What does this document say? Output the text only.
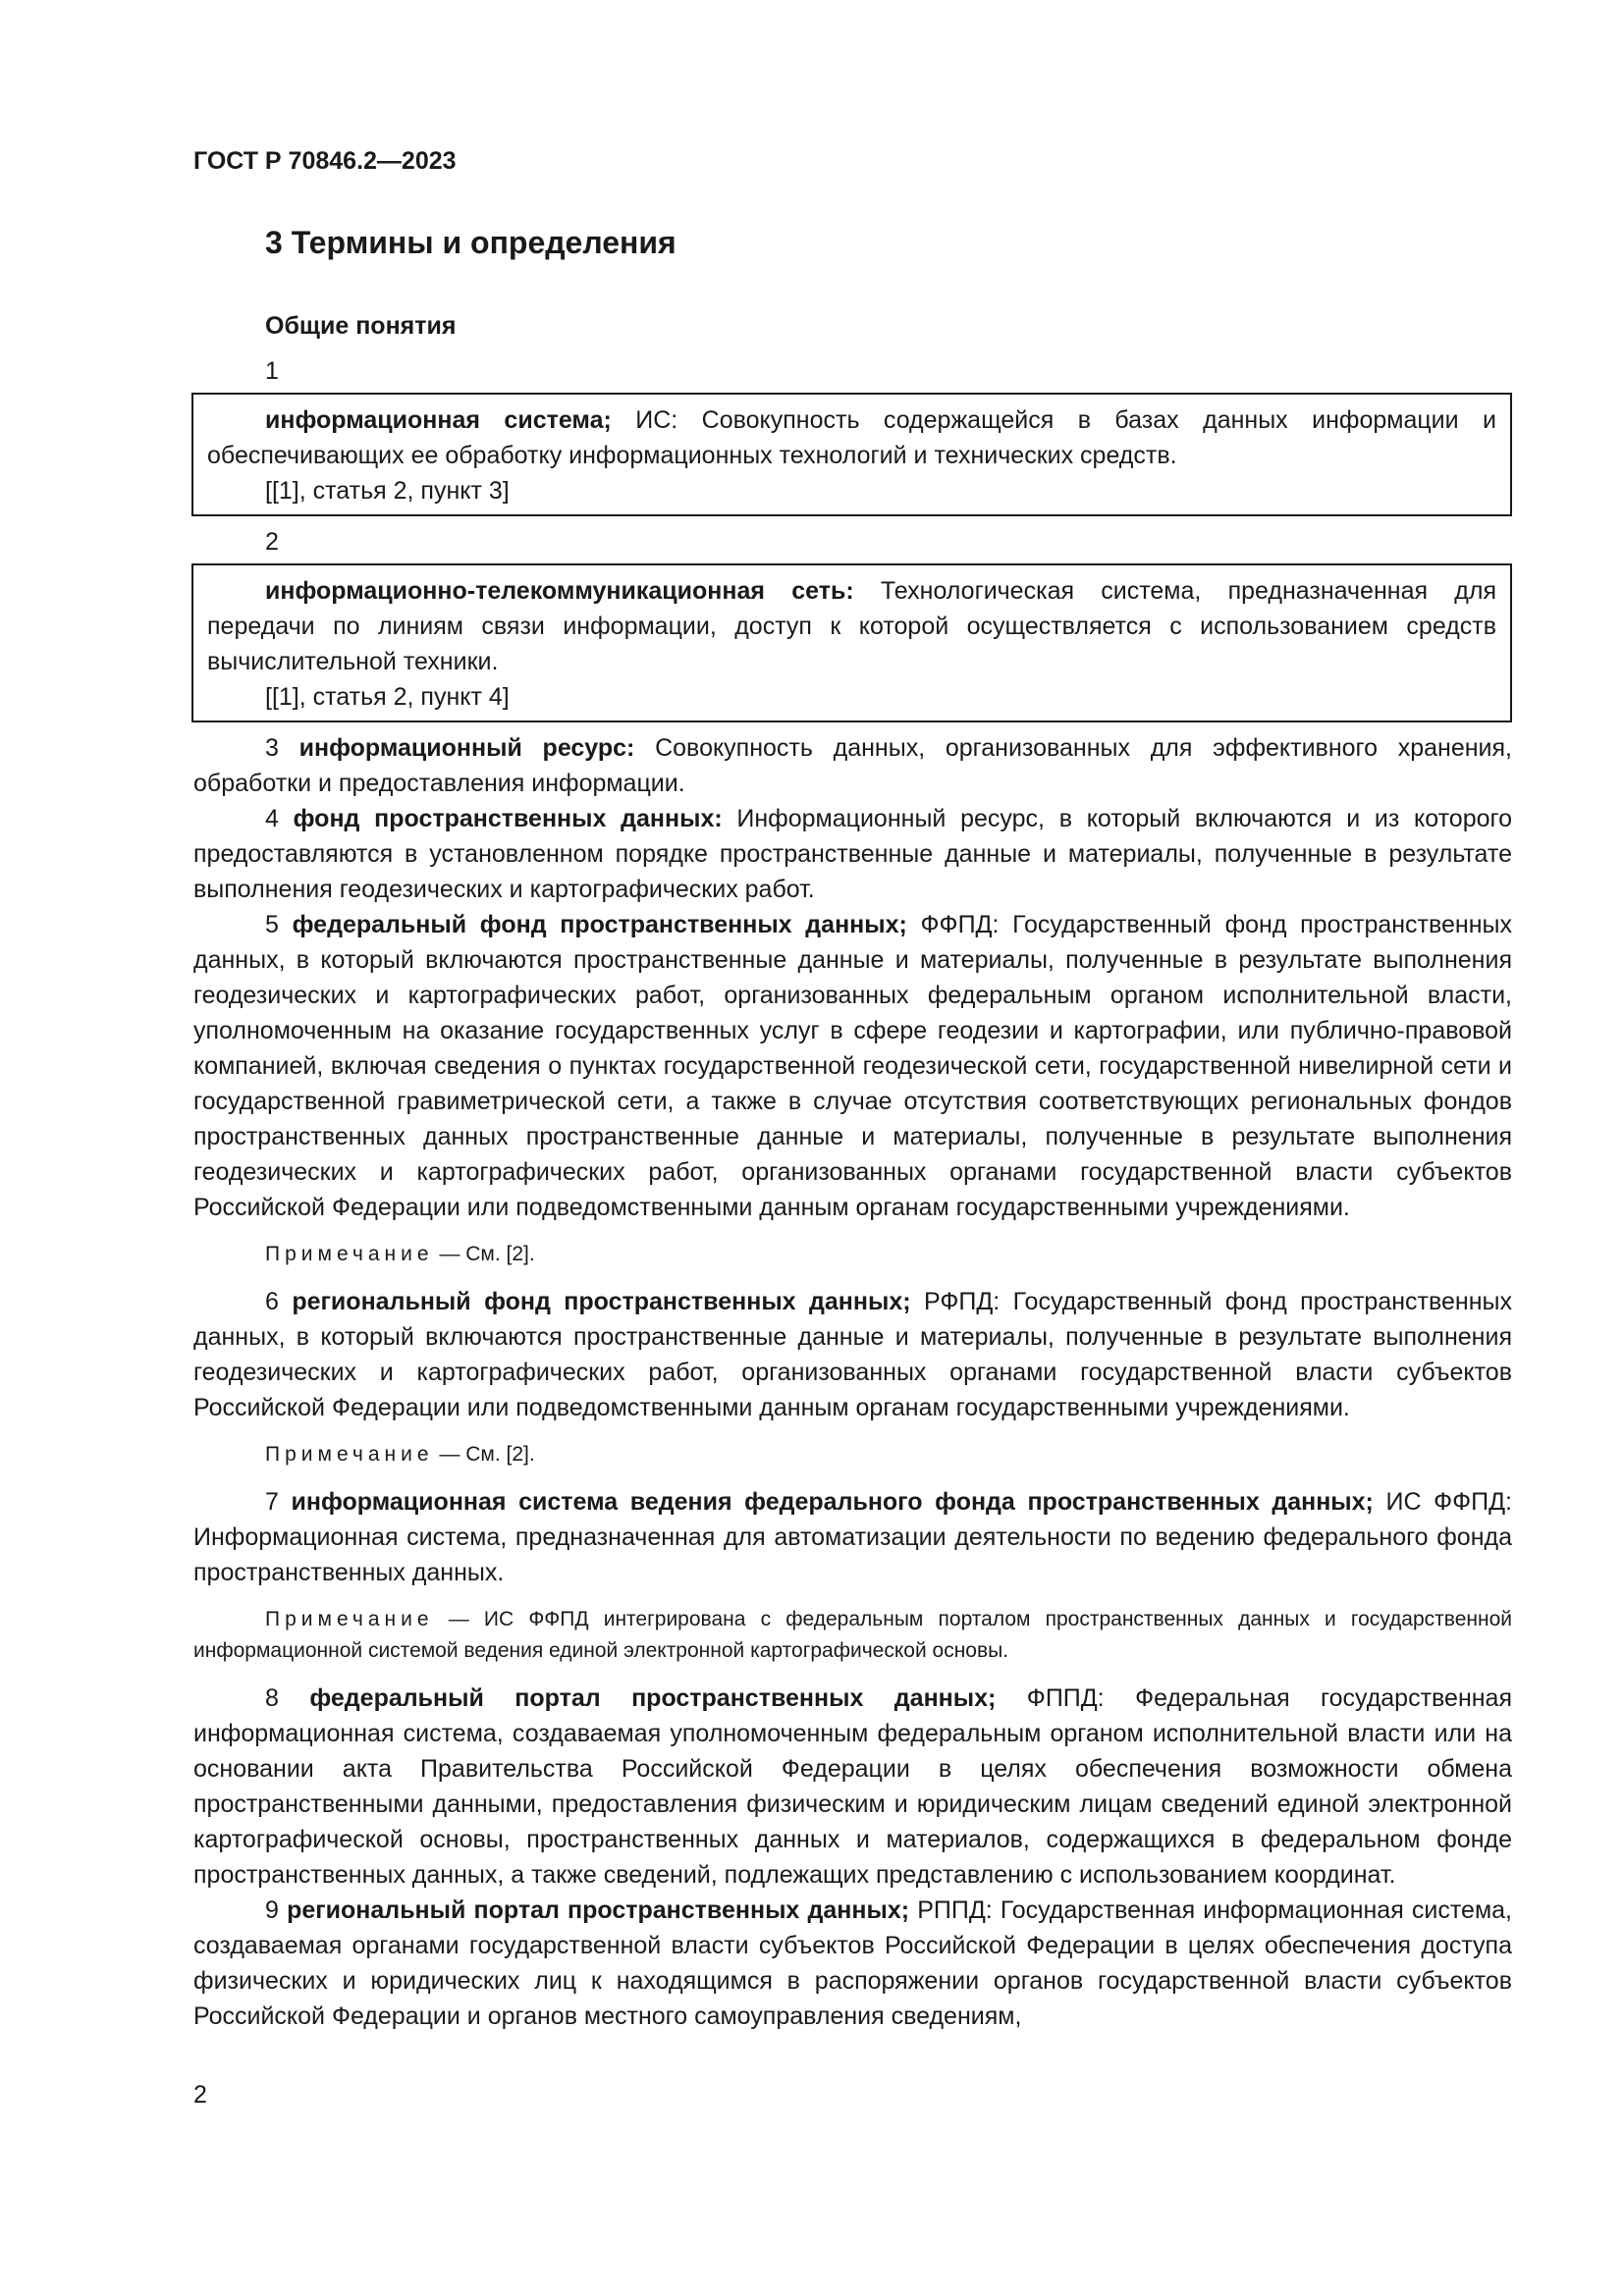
ГОСТ Р 70846.2—2023
3 Термины и определения
Общие понятия
1

информационная система; ИС: Совокупность содержащейся в базах данных информации и обеспечивающих ее обработку информационных технологий и технических средств.

[[1], статья 2, пункт 3]
2

информационно-телекоммуникационная сеть: Технологическая система, предназначенная для передачи по линиям связи информации, доступ к которой осуществляется с использованием средств вычислительной техники.

[[1], статья 2, пункт 4]

3 информационный ресурс: Совокупность данных, организованных для эффективного хранения, обработки и предоставления информации.

4 фонд пространственных данных: Информационный ресурс, в который включаются и из которого предоставляются в установленном порядке пространственные данные и материалы, полученные в результате выполнения геодезических и картографических работ.

5 федеральный фонд пространственных данных; ФФПД: Государственный фонд пространственных данных, в который включаются пространственные данные и материалы, полученные в результате выполнения геодезических и картографических работ, организованных федеральным органом исполнительной власти, уполномоченным на оказание государственных услуг в сфере геодезии и картографии, или публично-правовой компанией, включая сведения о пунктах государственной геодезической сети, государственной нивелирной сети и государственной гравиметрической сети, а также в случае отсутствия соответствующих региональных фондов пространственных данных пространственные данные и материалы, полученные в результате выполнения геодезических и картографических работ, организованных органами государственной власти субъектов Российской Федерации или подведомственными данным органам государственными учреждениями.

Примечание — См. [2].

6 региональный фонд пространственных данных; РФПД: Государственный фонд пространственных данных, в который включаются пространственные данные и материалы, полученные в результате выполнения геодезических и картографических работ, организованных органами государственной власти субъектов Российской Федерации или подведомственными данным органам государственными учреждениями.

Примечание — См. [2].

7 информационная система ведения федерального фонда пространственных данных; ИС ФФПД: Информационная система, предназначенная для автоматизации деятельности по ведению федерального фонда пространственных данных.

Примечание — ИС ФФПД интегрирована с федеральным порталом пространственных данных и государственной информационной системой ведения единой электронной картографической основы.

8 федеральный портал пространственных данных; ФППД: Федеральная государственная информационная система, создаваемая уполномоченным федеральным органом исполнительной власти или на основании акта Правительства Российской Федерации в целях обеспечения возможности обмена пространственными данными, предоставления физическим и юридическим лицам сведений единой электронной картографической основы, пространственных данных и материалов, содержащихся в федеральном фонде пространственных данных, а также сведений, подлежащих представлению с использованием координат.

9 региональный портал пространственных данных; РППД: Государственная информационная система, создаваемая органами государственной власти субъектов Российской Федерации в целях обеспечения доступа физических и юридических лиц к находящимся в распоряжении органов государственной власти субъектов Российской Федерации и органов местного самоуправления сведениям,

2
